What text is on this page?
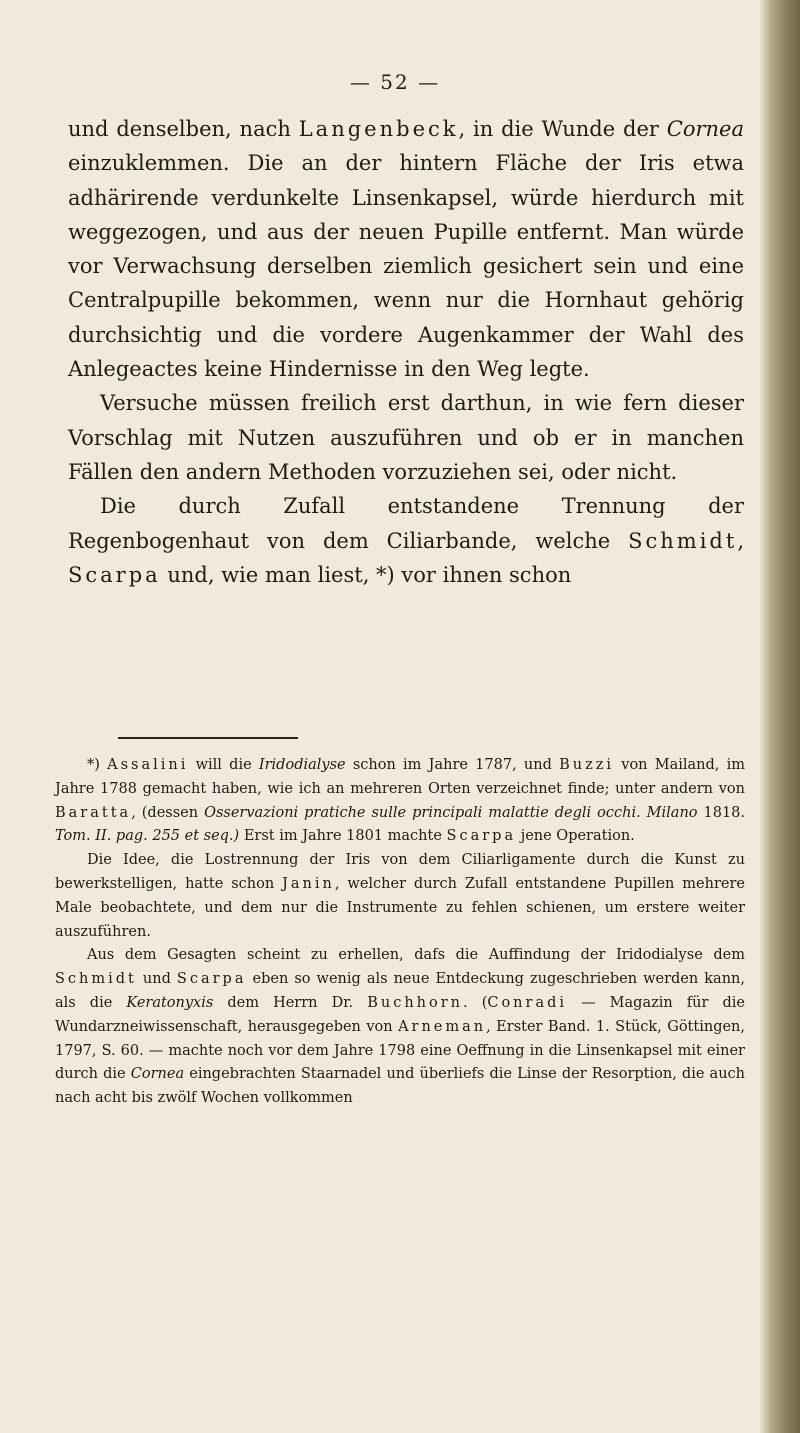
— 52 —

und denselben, nach Langenbeck, in die Wunde der Cornea einzuklemmen. Die an der hintern Fläche der Iris etwa adhärirende verdunkelte Linsenkapsel, würde hierdurch mit weggezogen, und aus der neuen Pupille entfernt. Man würde vor Verwachsung derselben ziemlich gesichert sein und eine Centralpupille bekommen, wenn nur die Hornhaut gehörig durchsichtig und die vordere Augenkammer der Wahl des Anlegeactes keine Hindernisse in den Weg legte.

Versuche müssen freilich erst darthun, in wie fern dieser Vorschlag mit Nutzen auszuführen und ob er in manchen Fällen den andern Methoden vorzuziehen sei, oder nicht.

Die durch Zufall entstandene Trennung der Regenbogenhaut von dem Ciliarbande, welche Schmidt, Scarpa und, wie man liest, *) vor ihnen schon

*) Assalini will die Iridodialyse schon im Jahre 1787, und Buzzi von Mailand, im Jahre 1788 gemacht haben, wie ich an mehreren Orten verzeichnet finde; unter andern von Baratta, (dessen Osservazioni pratiche sulle principali malattie degli occhi. Milano 1818. Tom. II. pag. 255 et seq.) Erst im Jahre 1801 machte Scarpa jene Operation.

Die Idee, die Lostrennung der Iris von dem Ciliarligamente durch die Kunst zu bewerkstelligen, hatte schon Janin, welcher durch Zufall entstandene Pupillen mehrere Male beobachtete, und dem nur die Instrumente zu fehlen schienen, um erstere weiter auszuführen.

Aus dem Gesagten scheint zu erhellen, dafs die Auffindung der Iridodialyse dem Schmidt und Scarpa eben so wenig als neue Entdeckung zugeschrieben werden kann, als die Keratonyxis dem Herrn Dr. Buchhorn. (Conradi — Magazin für die Wundarzneiwissenschaft, herausgegeben von Arneman, Erster Band. 1. Stück, Göttingen, 1797, S. 60. — machte noch vor dem Jahre 1798 eine Oeffnung in die Linsenkapsel mit einer durch die Cornea eingebrachten Staarnadel und überliefs die Linse der Resorption, die auch nach acht bis zwölf Wochen vollkommen
